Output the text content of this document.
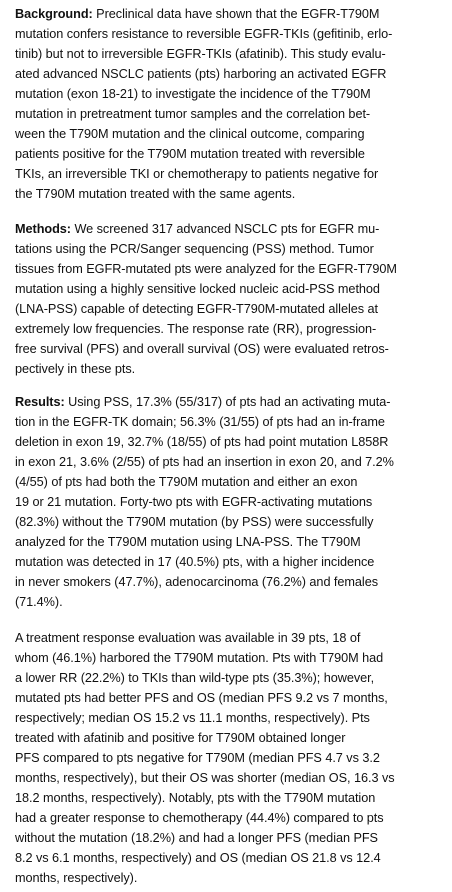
Background: Preclinical data have shown that the EGFR-T790M
mutation confers resistance to reversible EGFR-TKIs (gefitinib, erlo-
tinib) but not to irreversible EGFR-TKIs (afatinib). This study evalu-
ated advanced NSCLC patients (pts) harboring an activated EGFR
mutation (exon 18-21) to investigate the incidence of the T790M
mutation in pretreatment tumor samples and the correlation bet-
ween the T790M mutation and the clinical outcome, comparing
patients positive for the T790M mutation treated with reversible
TKIs, an irreversible TKI or chemotherapy to patients negative for
the T790M mutation treated with the same agents.
Methods: We screened 317 advanced NSCLC pts for EGFR mu-
tations using the PCR/Sanger sequencing (PSS) method. Tumor
tissues from EGFR-mutated pts were analyzed for the EGFR-T790M
mutation using a highly sensitive locked nucleic acid-PSS method
(LNA-PSS) capable of detecting EGFR-T790M-mutated alleles at
extremely low frequencies. The response rate (RR), progression-
free survival (PFS) and overall survival (OS) were evaluated retros-
pectively in these pts.
Results: Using PSS, 17.3% (55/317) of pts had an activating muta-
tion in the EGFR-TK domain; 56.3% (31/55) of pts had an in-frame
deletion in exon 19, 32.7% (18/55) of pts had point mutation L858R
in exon 21, 3.6% (2/55) of pts had an insertion in exon 20, and 7.2%
(4/55) of pts had both the T790M mutation and either an exon
19 or 21 mutation. Forty-two pts with EGFR-activating mutations
(82.3%) without the T790M mutation (by PSS) were successfully
analyzed for the T790M mutation using LNA-PSS. The T790M
mutation was detected in 17 (40.5%) pts, with a higher incidence
in never smokers (47.7%), adenocarcinoma (76.2%) and females
(71.4%).
A treatment response evaluation was available in 39 pts, 18 of
whom (46.1%) harbored the T790M mutation. Pts with T790M had
a lower RR (22.2%) to TKIs than wild-type pts (35.3%); however,
mutated pts had better PFS and OS (median PFS 9.2 vs 7 months,
respectively; median OS 15.2 vs 11.1 months, respectively). Pts
treated with afatinib and positive for T790M obtained longer
PFS compared to pts negative for T790M (median PFS 4.7 vs 3.2
months, respectively), but their OS was shorter (median OS, 16.3 vs
18.2 months, respectively). Notably, pts with the T790M mutation
had a greater response to chemotherapy (44.4%) compared to pts
without the mutation (18.2%) and had a longer PFS (median PFS
8.2 vs 6.1 months, respectively) and OS (median OS 21.8 vs 12.4
months, respectively).
